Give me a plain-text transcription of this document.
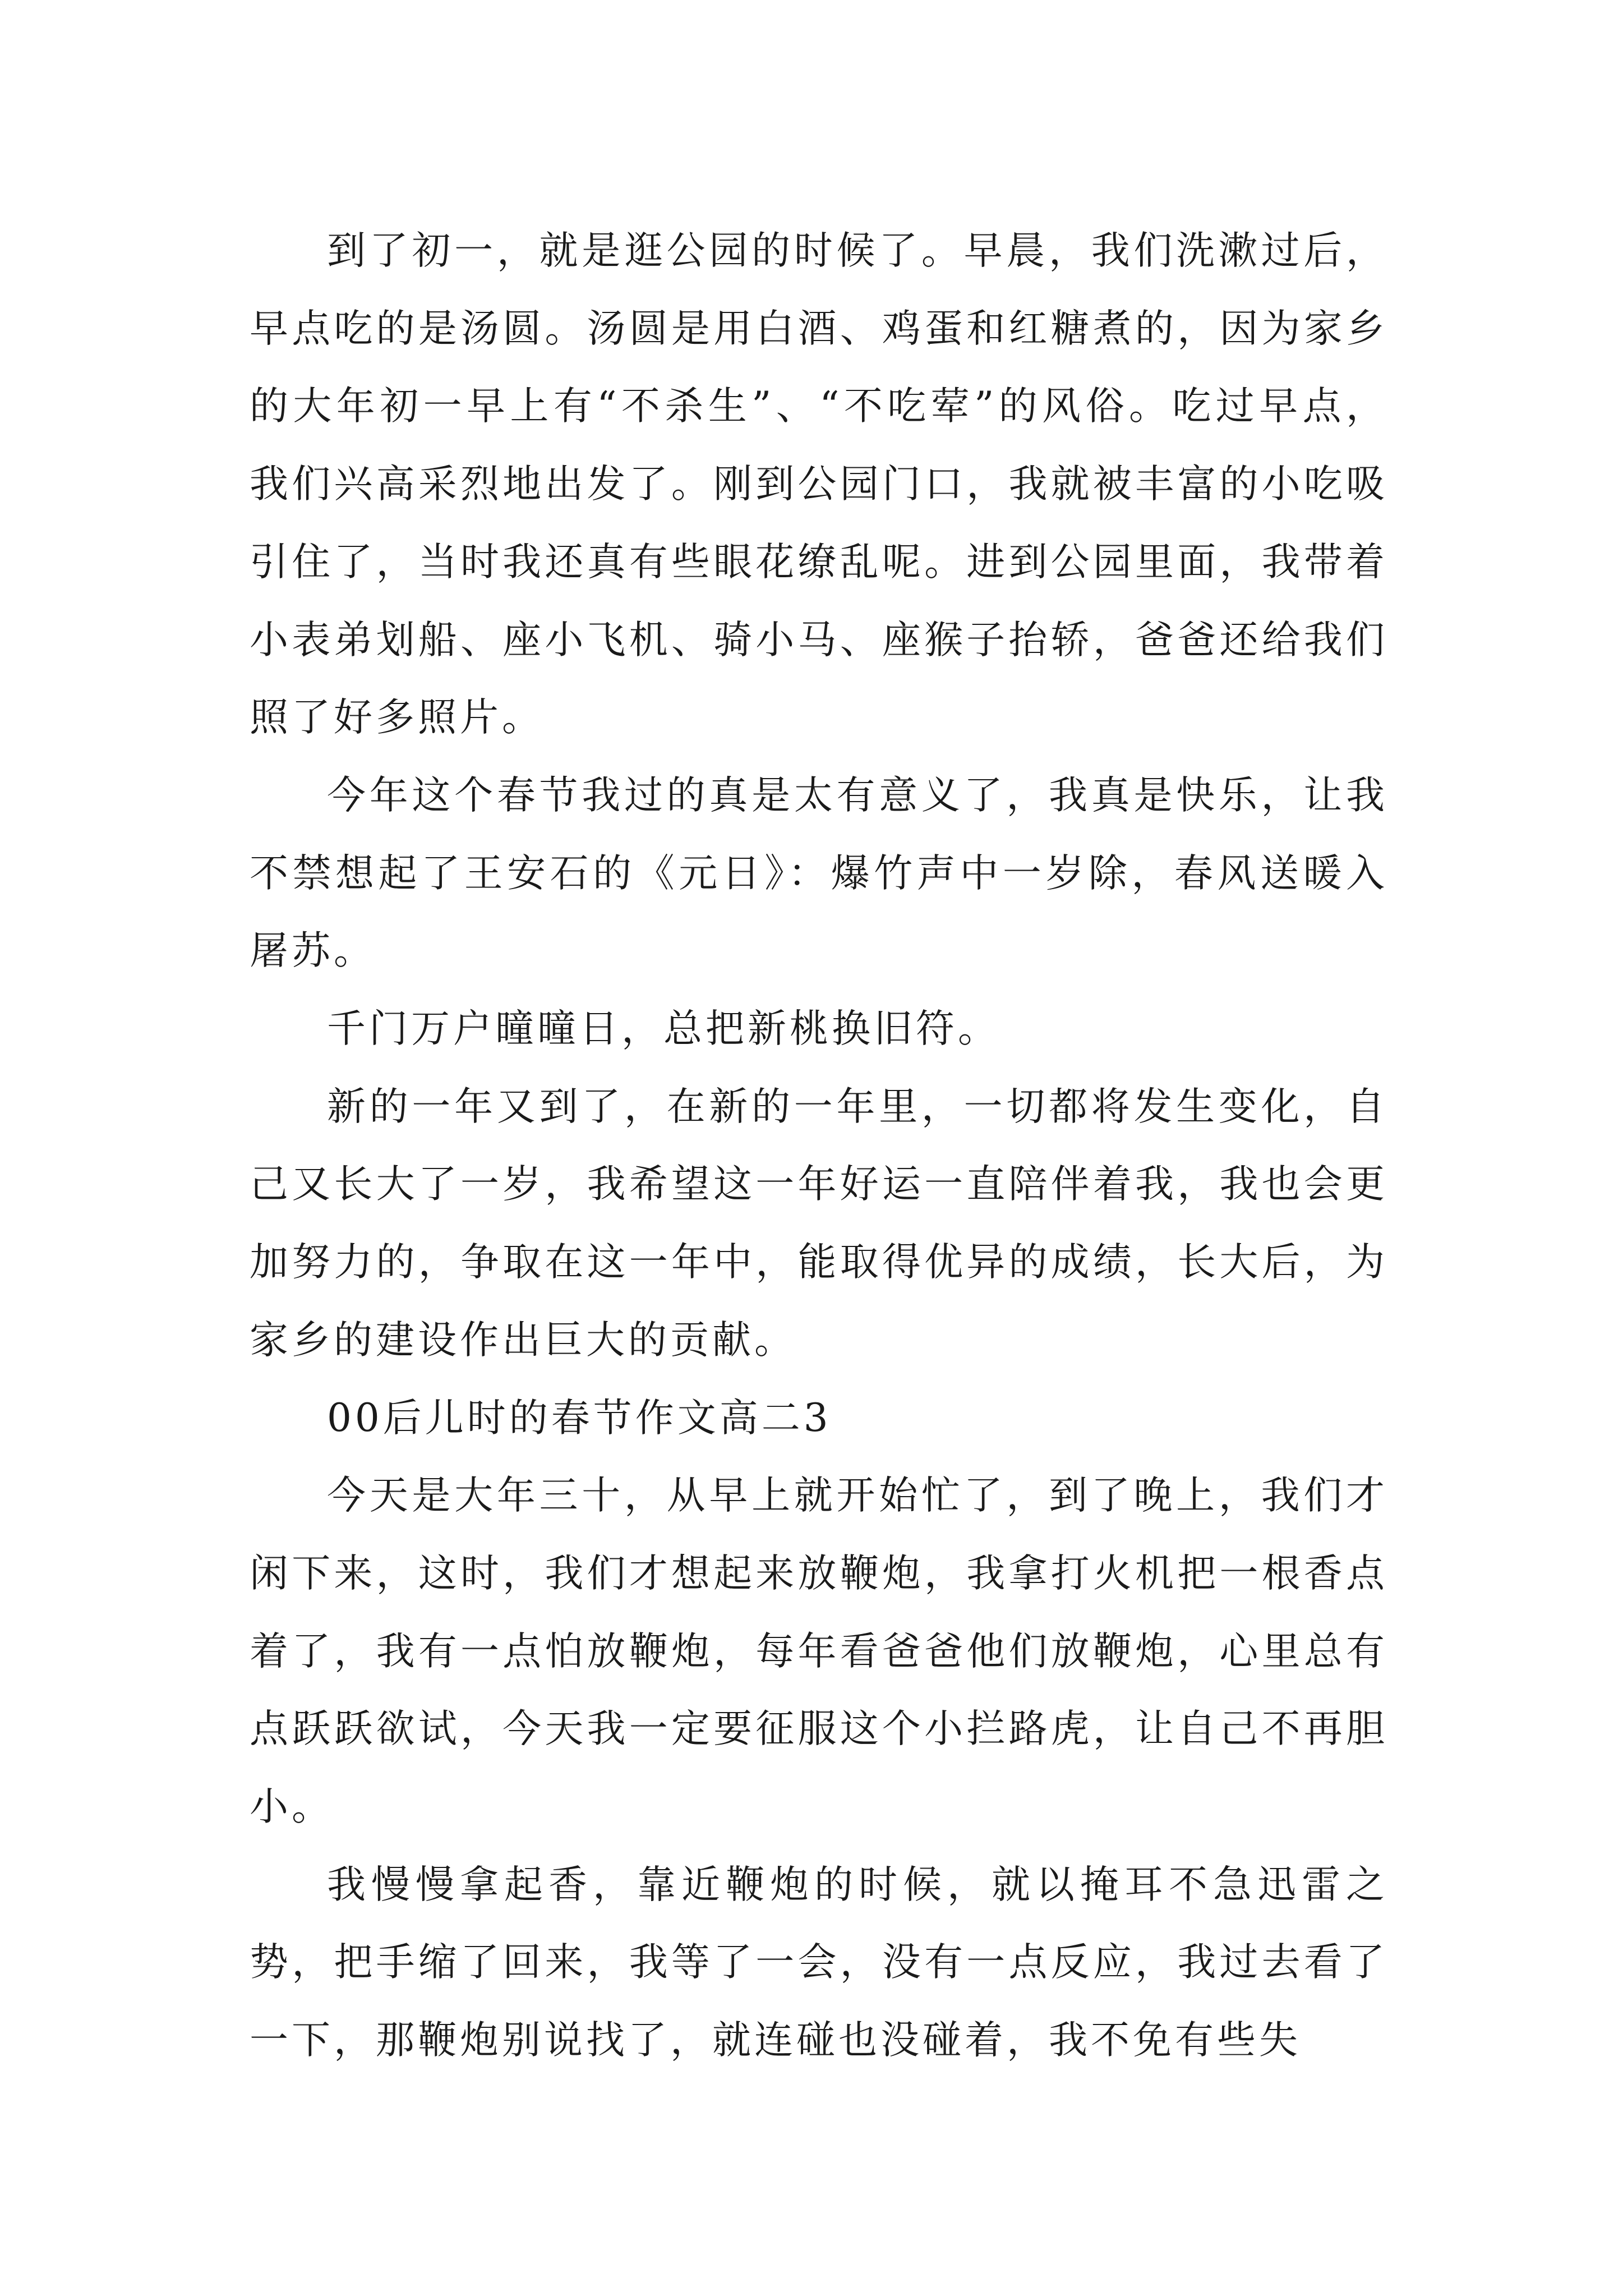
到了初一，就是逛公园的时候了。早晨，我们洗漱过后，早点吃的是汤圆。汤圆是用白酒、鸡蛋和红糖煮的，因为家乡的大年初一早上有“不杀生”、“不吃荤”的风俗。吃过早点，我们兴高采烈地出发了。刚到公园门口，我就被丰富的小吃吸引住了，当时我还真有些眼花缭乱呢。进到公园里面，我带着小表弟划船、座小飞机、骑小马、座猴子抬轿，爸爸还给我们照了好多照片。

今年这个春节我过的真是太有意义了，我真是快乐，让我不禁想起了王安石的《元日》：爆竹声中一岁除，春风送暖入屠苏。

千门万户曈曈日，总把新桃换旧符。

新的一年又到了，在新的一年里，一切都将发生变化，自己又长大了一岁，我希望这一年好运一直陪伴着我，我也会更加努力的，争取在这一年中，能取得优异的成绩，长大后，为家乡的建设作出巨大的贡献。

00后儿时的春节作文高二3

今天是大年三十，从早上就开始忙了，到了晚上，我们才闲下来，这时，我们才想起来放鞭炮，我拿打火机把一根香点着了，我有一点怕放鞭炮，每年看爸爸他们放鞭炮，心里总有点跃跃欲试，今天我一定要征服这个小拦路虎，让自己不再胆小。

我慢慢拿起香，靠近鞭炮的时候，就以掩耳不急迅雷之势，把手缩了回来，我等了一会，没有一点反应，我过去看了一下，那鞭炮别说找了，就连碰也没碰着，我不免有些失
